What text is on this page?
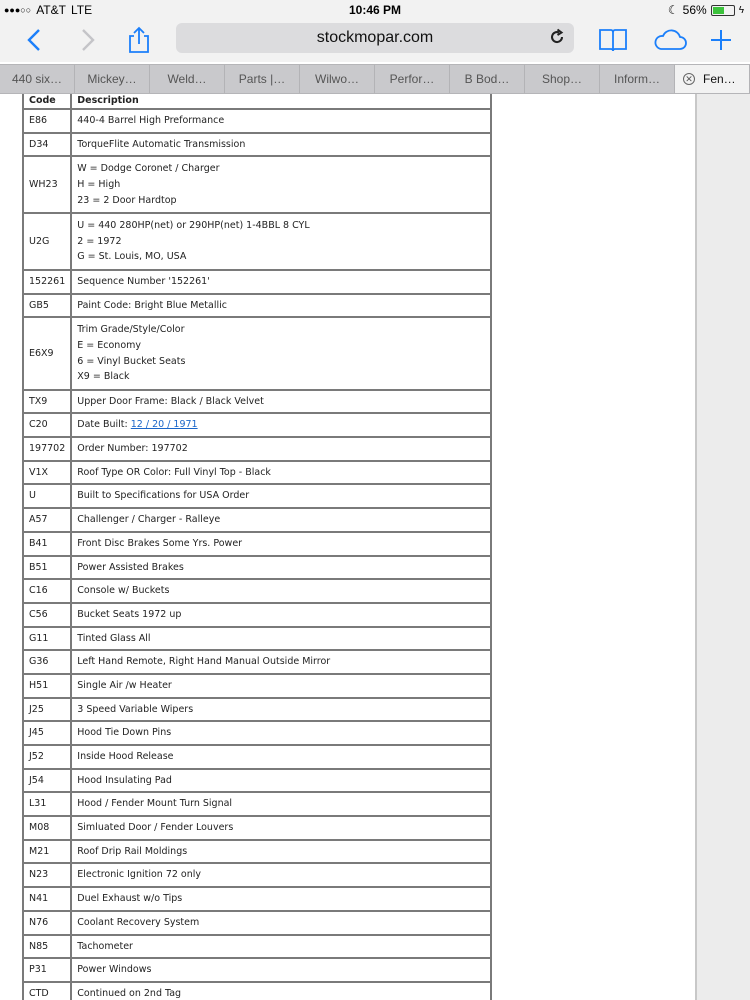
●●●○○ AT&T LTE	10:46 PM	☾ 56%	ϟ
stockmopar.com
440 six… Mickey…	Weld…	Parts |… Wilwo…	Perfor…	B Bod…	Shop…	Inform…	✕ Fen…
Code	Description
E86	440-4 Barrel High Preformance

D34	TorqueFlite Automatic Transmission

WH23	W = Dodge Coronet / Charger
H = High
23 = 2 Door Hardtop

U2G	U = 440 280HP(net) or 290HP(net) 1-4BBL 8 CYL
2 = 1972
G = St. Louis, MO, USA

152261	Sequence Number '152261'

GB5	Paint Code: Bright Blue Metallic

E6X9	Trim Grade/Style/Color
E = Economy
6 = Vinyl Bucket Seats
X9 = Black

TX9	Upper Door Frame: Black / Black Velvet

C20	Date Built: 12 / 20 / 1971
197702	Order Number: 197702

V1X	Roof Type OR Color: Full Vinyl Top - Black

U	Built to Specifications for USA Order

A57	Challenger / Charger - Ralleye

B41	Front Disc Brakes Some Yrs. Power

B51	Power Assisted Brakes

C16	Console w/ Buckets

C56	Bucket Seats 1972 up

G11	Tinted Glass All

G36	Left Hand Remote, Right Hand Manual Outside Mirror

H51	Single Air /w Heater

J25	3 Speed Variable Wipers

J45	Hood Tie Down Pins

J52	Inside Hood Release

J54	Hood Insulating Pad

L31	Hood / Fender Mount Turn Signal

M08	Simluated Door / Fender Louvers

M21	Roof Drip Rail Moldings

N23	Electronic Ignition 72 only

N41	Duel Exhaust w/o Tips

N76	Coolant Recovery System

N85	Tachometer

P31	Power Windows

CTD	Continued on 2nd Tag
